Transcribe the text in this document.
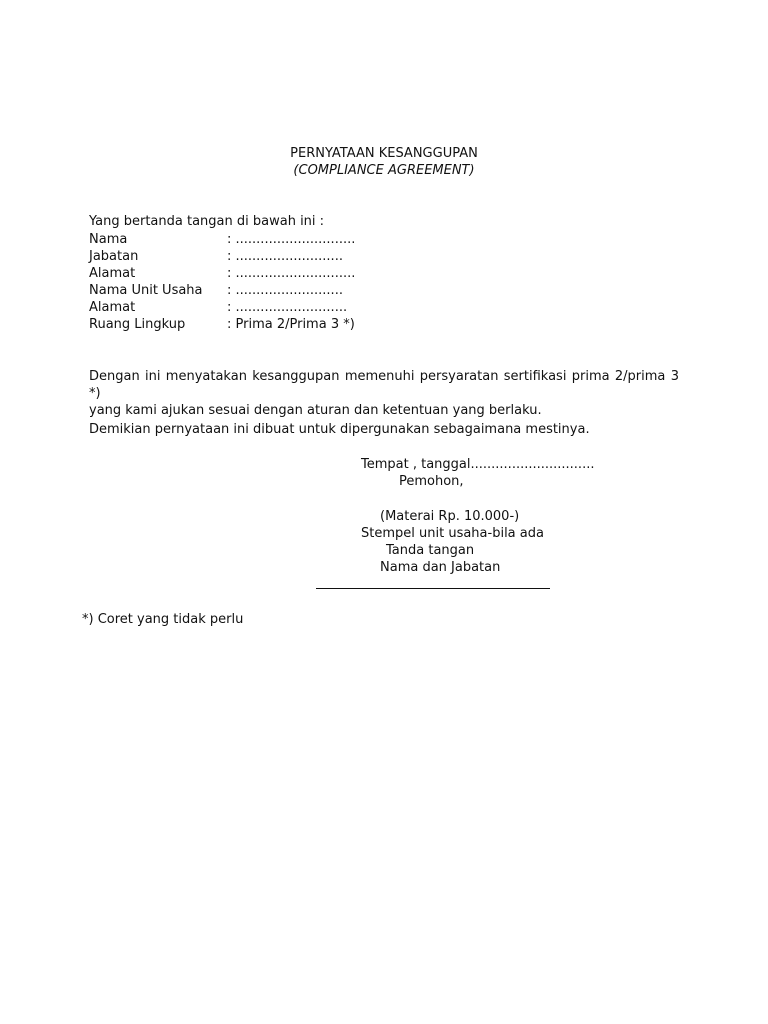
PERNYATAAN KESANGGUPAN
(COMPLIANCE AGREEMENT)
Yang bertanda tangan di bawah ini :
Nama	: .............................
Jabatan	: ..........................
Alamat	: .............................
Nama Unit Usaha : ..........................
Alamat	: ...........................
Ruang Lingkup	: Prima 2/Prima 3 *)
Dengan ini menyatakan kesanggupan memenuhi persyaratan sertifikasi prima 2/prima 3 *)
yang kami ajukan sesuai dengan aturan dan ketentuan yang berlaku.
Demikian pernyataan ini dibuat untuk dipergunakan sebagaimana mestinya.
Tempat , tanggal..............................
Pemohon,
(Materai Rp. 10.000-)
Stempel unit usaha-bila ada
Tanda tangan
Nama dan Jabatan
*) Coret yang tidak perlu
